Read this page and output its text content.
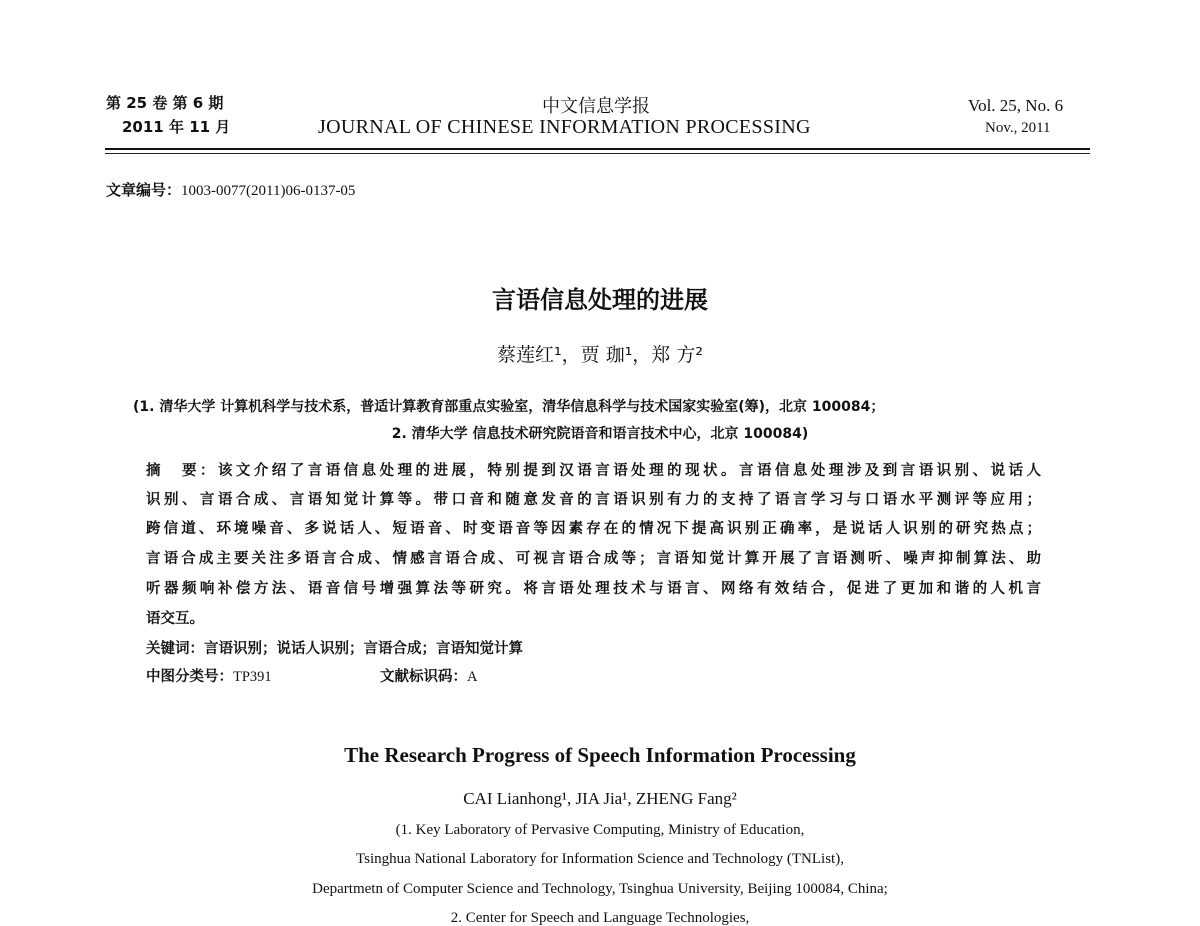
第 25 卷 第 6 期
2011 年 11 月
中文信息学报
JOURNAL OF CHINESE INFORMATION PROCESSING
Vol. 25, No. 6
Nov., 2011
文章编号：1003-0077(2011)06-0137-05
言语信息处理的进展
蔡莲红¹，贾 珈¹，郑 方²
(1. 清华大学 计算机科学与技术系，普适计算教育部重点实验室，清华信息科学与技术国家实验室(筹)，北京 100084；
2. 清华大学 信息技术研究院语音和语言技术中心，北京 100084)
摘　要：该文介绍了言语信息处理的进展，特别提到汉语言语处理的现状。言语信息处理涉及到言语识别、说话人
识别、言语合成、言语知觉计算等。带口音和随意发音的言语识别有力的支持了语言学习与口语水平测评等应用；
跨信道、环境噪音、多说话人、短语音、时变语音等因素存在的情况下提高识别正确率，是说话人识别的研究热点；
言语合成主要关注多语言合成、情感言语合成、可视言语合成等；言语知觉计算开展了言语测听、噪声抑制算法、助
听器频响补偿方法、语音信号增强算法等研究。将言语处理技术与语言、网络有效结合，促进了更加和谐的人机言
语交互。
关键词：言语识别；说话人识别；言语合成；言语知觉计算
中图分类号：TP391	文献标识码：A
The Research Progress of Speech Information Processing
CAI Lianhong¹, JIA Jia¹, ZHENG Fang²
(1. Key Laboratory of Pervasive Computing, Ministry of Education,
Tsinghua National Laboratory for Information Science and Technology (TNList),
Departmetn of Computer Science and Technology, Tsinghua University, Beijing 100084, China;
2. Center for Speech and Language Technologies,
